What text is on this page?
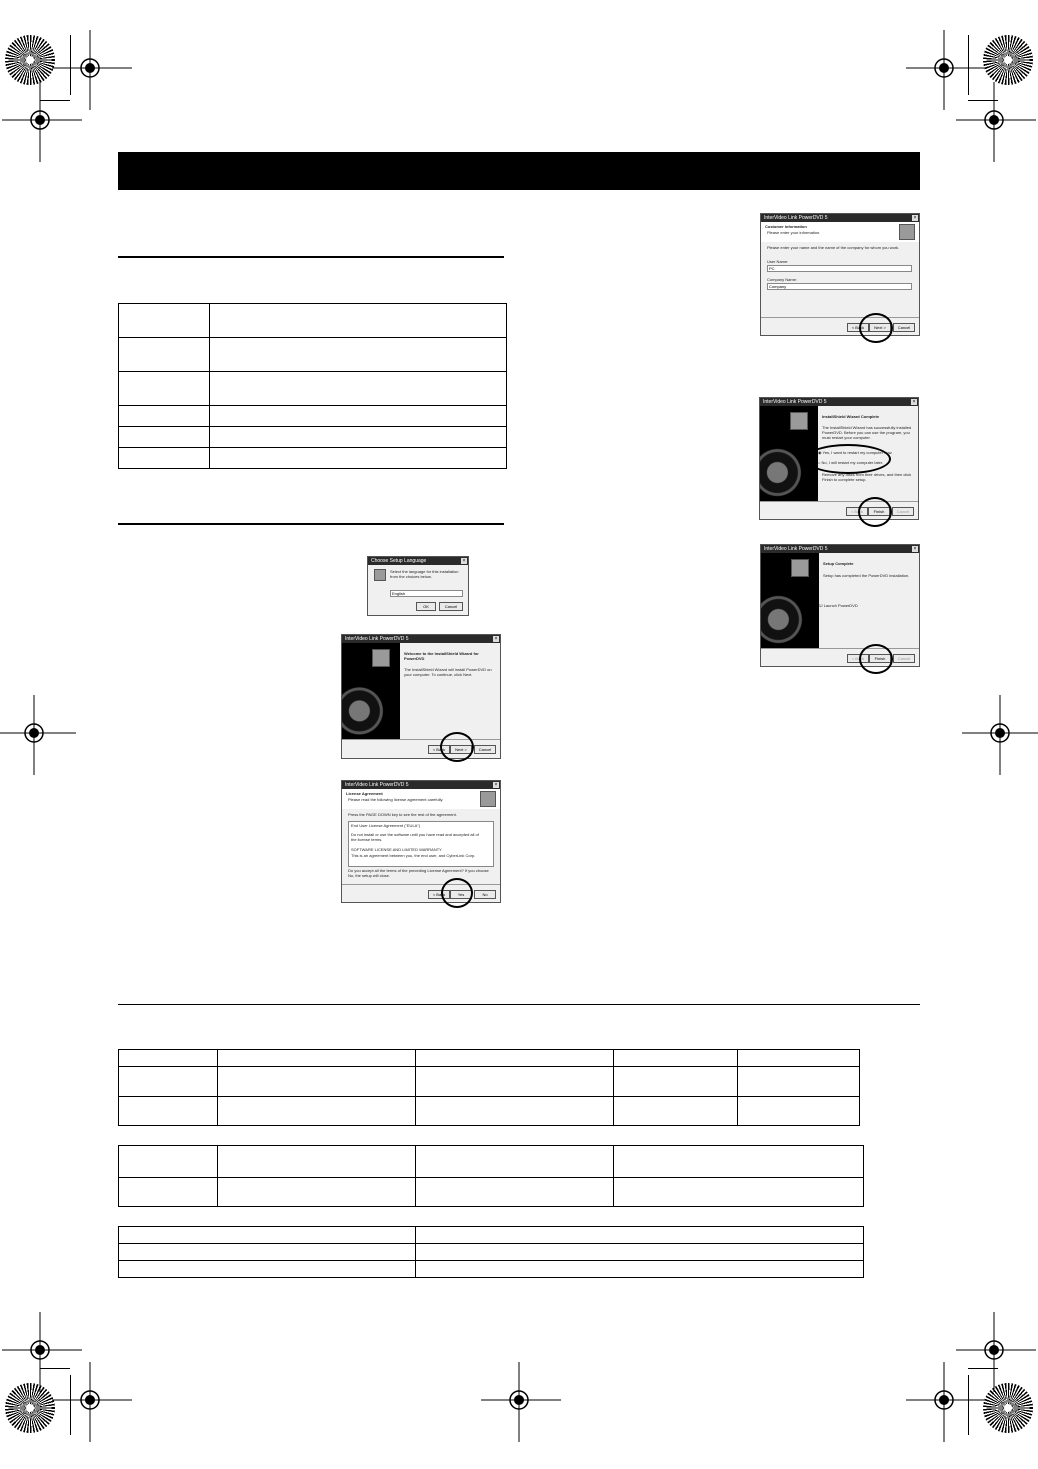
Choose Setup Language	×
Select the language for this installation from the choices below.
English
OK	Cancel
InterVideo Link PowerDVD 5	×
Welcome to the InstallShield Wizard for PowerDVD
The InstallShield Wizard will install PowerDVD on your computer. To continue, click Next.
< Back	Next >	Cancel
InterVideo Link PowerDVD 5	×
License Agreement
Please read the following license agreement carefully.
Press the PAGE DOWN key to see the rest of the agreement.
End User License Agreement ("EULA")
Do not install or use the software until you have read and accepted all of the license terms.
SOFTWARE LICENSE AND LIMITED WARRANTY
This is an agreement between you, the end user, and CyberLink Corp.
Do you accept all the terms of the preceding License Agreement? If you choose No, the setup will close.
< Back	Yes	No
InterVideo Link PowerDVD 5	×
Customer Information
Please enter your information.
Please enter your name and the name of the company for whom you work.
User Name:
PC
Company Name:
Company
< Back	Next >	Cancel
InterVideo Link PowerDVD 5	×
InstallShield Wizard Complete
The InstallShield Wizard has successfully installed PowerDVD. Before you can use the program, you must restart your computer.
◉ Yes, I want to restart my computer now.
○ No, I will restart my computer later.
Remove any disks from their drives, and then click Finish to complete setup.
< Back	Finish	Cancel
InterVideo Link PowerDVD 5	×
Setup Complete
Setup has completed the PowerDVD installation.
☑ Launch PowerDVD
< Back	Finish	Cancel
